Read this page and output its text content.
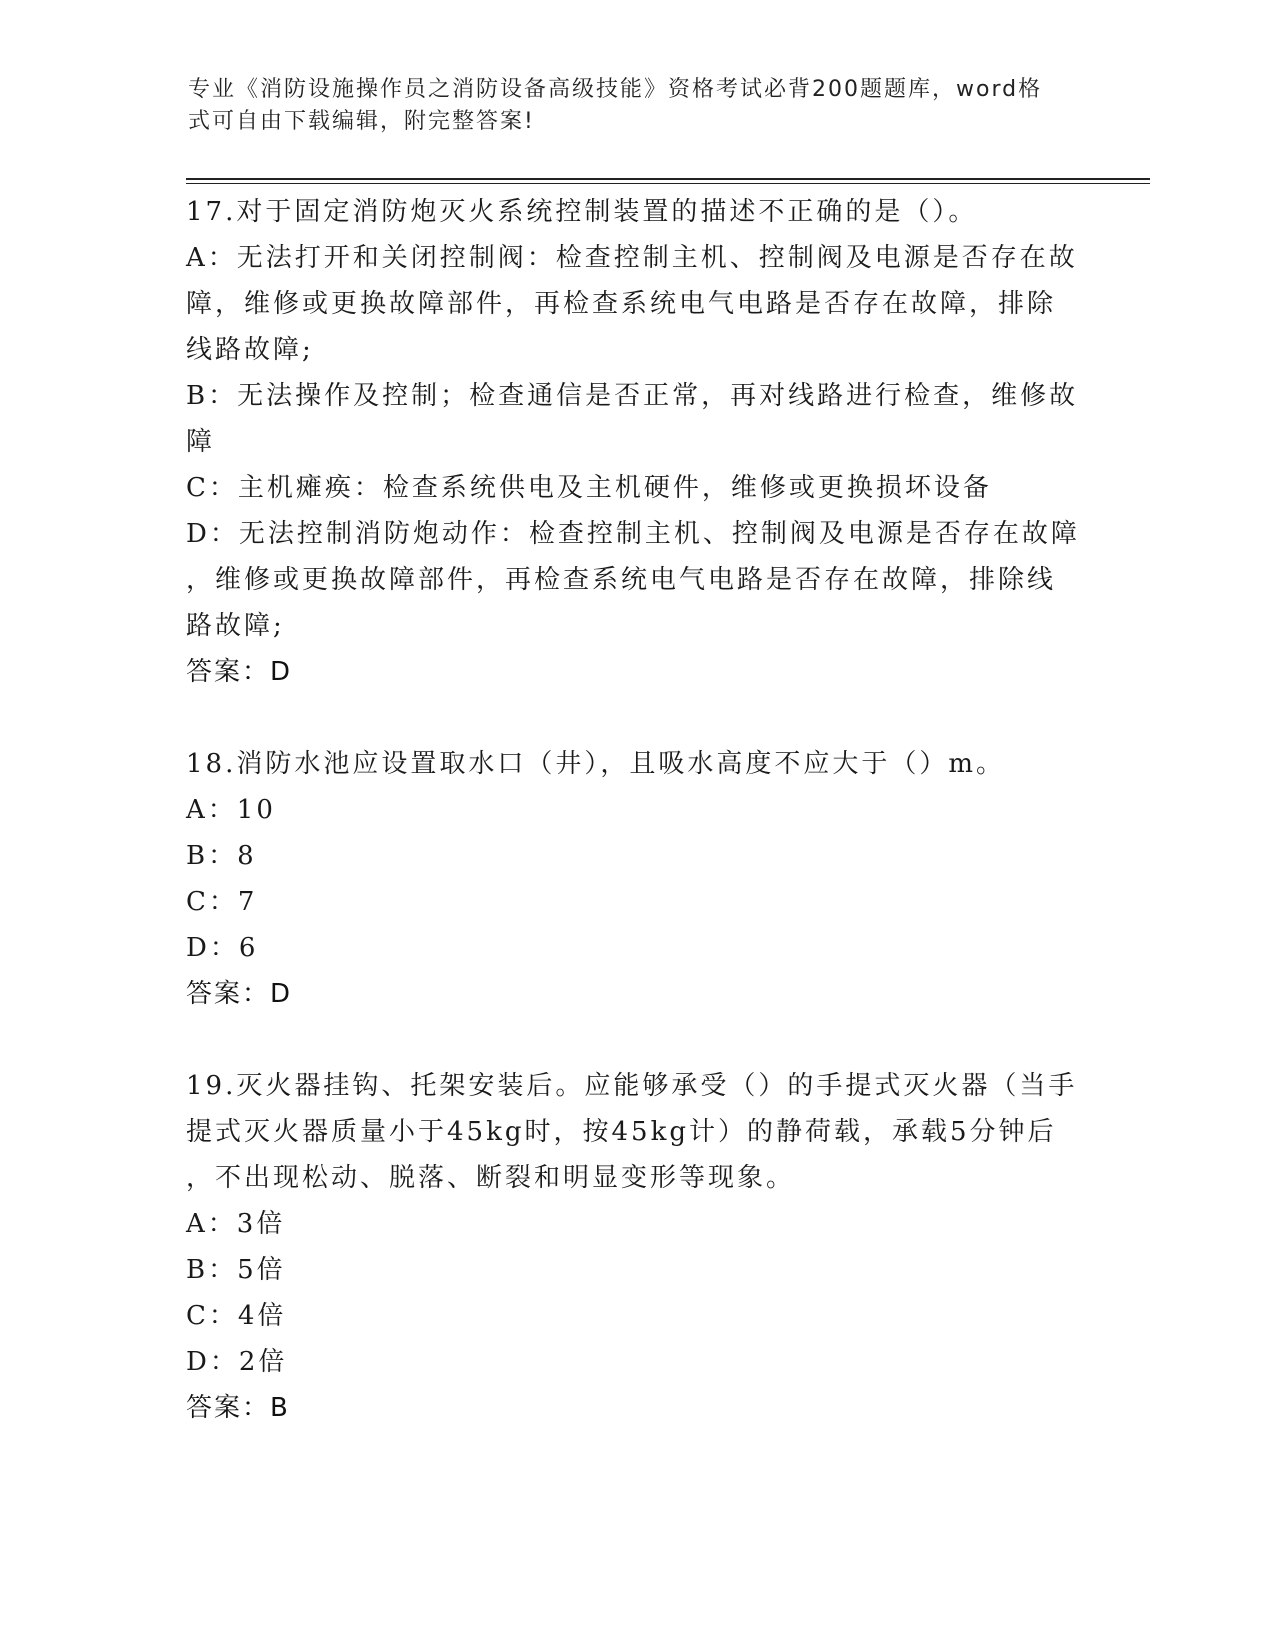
专业《消防设施操作员之消防设备高级技能》资格考试必背200题题库，word格
式可自由下载编辑，附完整答案!

17.对于固定消防炮灭火系统控制装置的描述不正确的是（）。

A：无法打开和关闭控制阀：检查控制主机、控制阀及电源是否存在故

障，维修或更换故障部件，再检查系统电气电路是否存在故障，排除

线路故障;

B：无法操作及控制；检查通信是否正常，再对线路进行检查，维修故

障

C：主机瘫痪：检查系统供电及主机硬件，维修或更换损坏设备

D：无法控制消防炮动作：检查控制主机、控制阀及电源是否存在故障

，维修或更换故障部件，再检查系统电气电路是否存在故障，排除线

路故障;

答案：D

18.消防水池应设置取水口（井），且吸水高度不应大于（）m。

A：10

B：8

C：7

D：6

答案：D

19.灭火器挂钩、托架安装后。应能够承受（）的手提式灭火器（当手

提式灭火器质量小于45kg时，按45kg计）的静荷载，承载5分钟后

，不出现松动、脱落、断裂和明显变形等现象。

A：3倍

B：5倍

C：4倍

D：2倍

答案：B
